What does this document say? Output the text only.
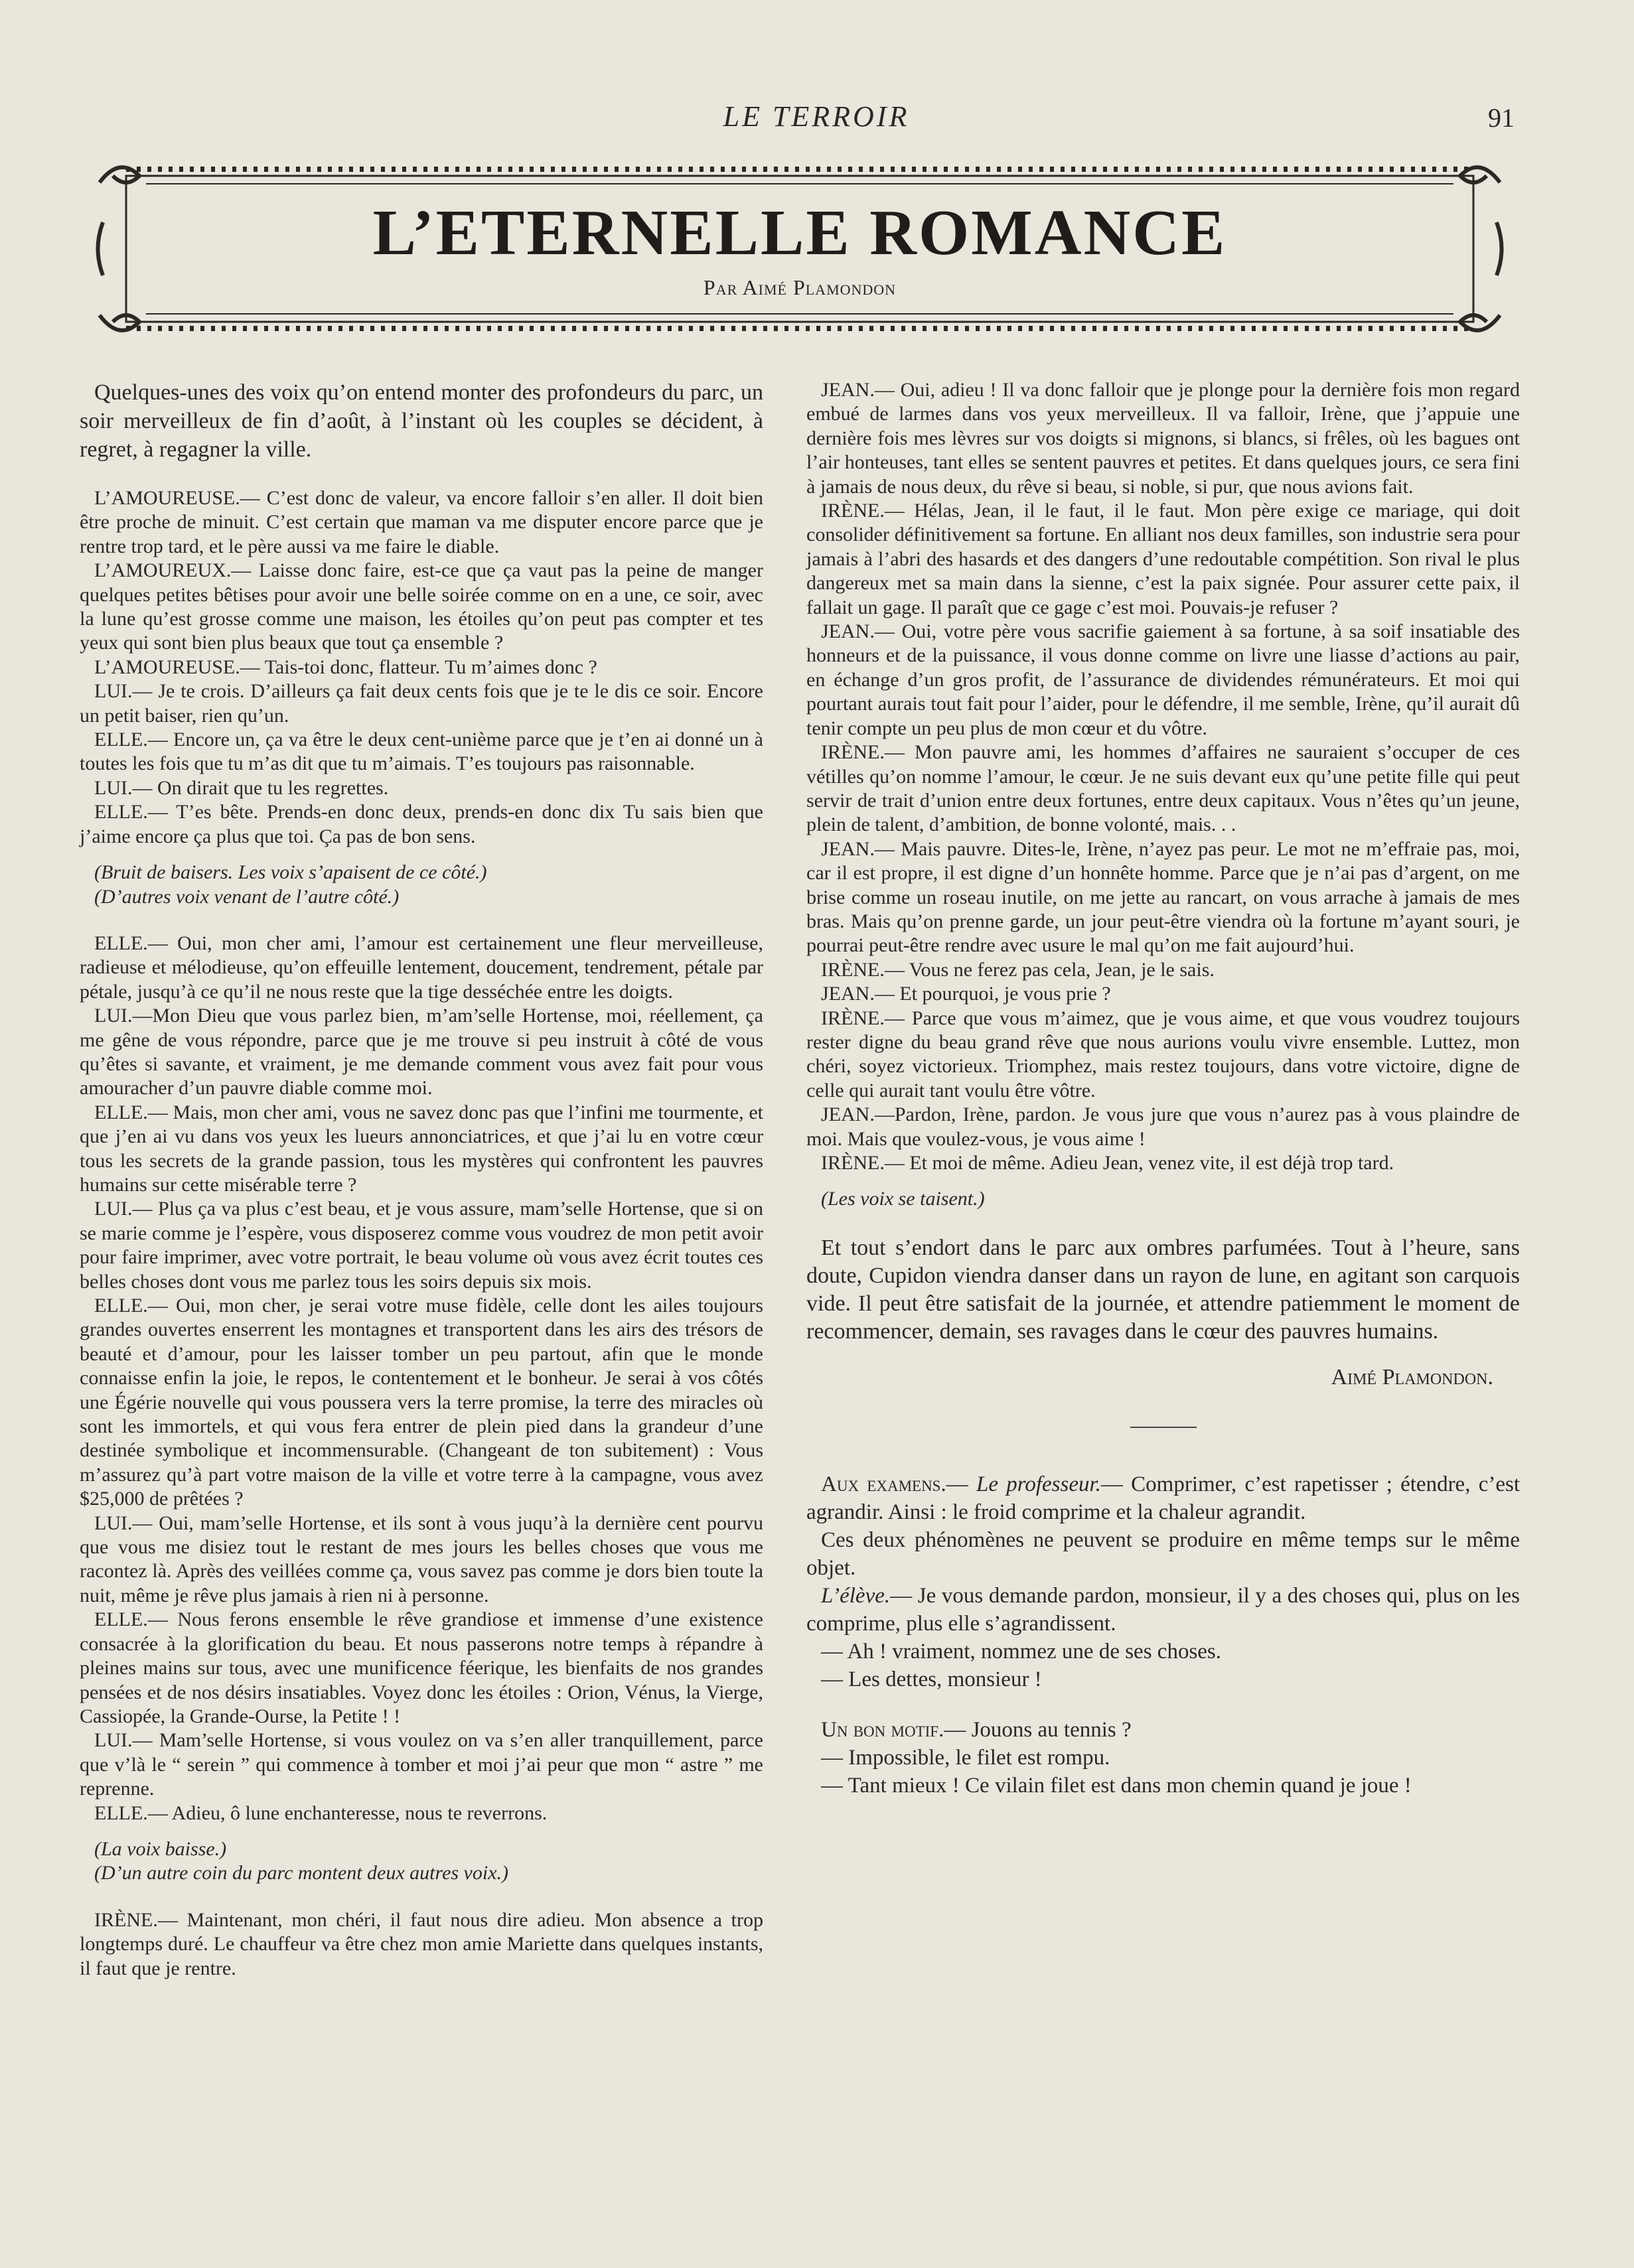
LE TERROIR	91
L’ETERNELLE ROMANCE
Par Aimé Plamondon

Quelques-unes des voix qu’on entend monter des profondeurs du parc, un soir merveilleux de fin d’août, à l’instant où les couples se décident, à regret, à regagner la ville.

L’AMOUREUSE.— C’est donc de valeur, va encore falloir s’en aller. Il doit bien être proche de minuit. C’est certain que maman va me disputer encore parce que je rentre trop tard, et le père aussi va me faire le diable.

L’AMOUREUX.— Laisse donc faire, est-ce que ça vaut pas la peine de manger quelques petites bêtises pour avoir une belle soirée comme on en a une, ce soir, avec la lune qu’est grosse comme une maison, les étoiles qu’on peut pas compter et tes yeux qui sont bien plus beaux que tout ça ensemble ?

L’AMOUREUSE.— Tais-toi donc, flatteur. Tu m’aimes donc ?

LUI.— Je te crois. D’ailleurs ça fait deux cents fois que je te le dis ce soir. Encore un petit baiser, rien qu’un.

ELLE.— Encore un, ça va être le deux cent-unième parce que je t’en ai donné un à toutes les fois que tu m’as dit que tu m’aimais. T’es toujours pas raisonnable.

LUI.— On dirait que tu les regrettes.

ELLE.— T’es bête. Prends-en donc deux, prends-en donc dix Tu sais bien que j’aime encore ça plus que toi. Ça pas de bon sens.

(Bruit de baisers. Les voix s’apaisent de ce côté.)

(D’autres voix venant de l’autre côté.)

ELLE.— Oui, mon cher ami, l’amour est certainement une fleur merveilleuse, radieuse et mélodieuse, qu’on effeuille lentement, doucement, tendrement, pétale par pétale, jusqu’à ce qu’il ne nous reste que la tige desséchée entre les doigts.

LUI.—Mon Dieu que vous parlez bien, m’am’selle Hortense, moi, réellement, ça me gêne de vous répondre, parce que je me trouve si peu instruit à côté de vous qu’êtes si savante, et vraiment, je me demande comment vous avez fait pour vous amouracher d’un pauvre diable comme moi.

ELLE.— Mais, mon cher ami, vous ne savez donc pas que l’infini me tourmente, et que j’en ai vu dans vos yeux les lueurs annonciatrices, et que j’ai lu en votre cœur tous les secrets de la grande passion, tous les mystères qui confrontent les pauvres humains sur cette misérable terre ?

LUI.— Plus ça va plus c’est beau, et je vous assure, mam’selle Hortense, que si on se marie comme je l’espère, vous disposerez comme vous voudrez de mon petit avoir pour faire imprimer, avec votre portrait, le beau volume où vous avez écrit toutes ces belles choses dont vous me parlez tous les soirs depuis six mois.

ELLE.— Oui, mon cher, je serai votre muse fidèle, celle dont les ailes toujours grandes ouvertes enserrent les montagnes et transportent dans les airs des trésors de beauté et d’amour, pour les laisser tomber un peu partout, afin que le monde connaisse enfin la joie, le repos, le contentement et le bonheur. Je serai à vos côtés une Égérie nouvelle qui vous poussera vers la terre promise, la terre des miracles où sont les immortels, et qui vous fera entrer de plein pied dans la grandeur d’une destinée symbolique et incommensurable. (Changeant de ton subitement) : Vous m’assurez qu’à part votre maison de la ville et votre terre à la campagne, vous avez $25,000 de prêtées ?

LUI.— Oui, mam’selle Hortense, et ils sont à vous juqu’à la dernière cent pourvu que vous me disiez tout le restant de mes jours les belles choses que vous me racontez là. Après des veillées comme ça, vous savez pas comme je dors bien toute la nuit, même je rêve plus jamais à rien ni à personne.

ELLE.— Nous ferons ensemble le rêve grandiose et immense d’une existence consacrée à la glorification du beau. Et nous passerons notre temps à répandre à pleines mains sur tous, avec une munificence féerique, les bienfaits de nos grandes pensées et de nos désirs insatiables. Voyez donc les étoiles : Orion, Vénus, la Vierge, Cassiopée, la Grande-Ourse, la Petite ! !

LUI.— Mam’selle Hortense, si vous voulez on va s’en aller tranquillement, parce que v’là le “ serein ” qui commence à tomber et moi j’ai peur que mon “ astre ” me reprenne.

ELLE.— Adieu, ô lune enchanteresse, nous te reverrons.

(La voix baisse.)

(D’un autre coin du parc montent deux autres voix.)

IRÈNE.— Maintenant, mon chéri, il faut nous dire adieu. Mon absence a trop longtemps duré. Le chauffeur va être chez mon amie Mariette dans quelques instants, il faut que je rentre.

JEAN.— Oui, adieu ! Il va donc falloir que je plonge pour la dernière fois mon regard embué de larmes dans vos yeux merveilleux. Il va falloir, Irène, que j’appuie une dernière fois mes lèvres sur vos doigts si mignons, si blancs, si frêles, où les bagues ont l’air honteuses, tant elles se sentent pauvres et petites. Et dans quelques jours, ce sera fini à jamais de nous deux, du rêve si beau, si noble, si pur, que nous avions fait.

IRÈNE.— Hélas, Jean, il le faut, il le faut. Mon père exige ce mariage, qui doit consolider définitivement sa fortune. En alliant nos deux familles, son industrie sera pour jamais à l’abri des hasards et des dangers d’une redoutable compétition. Son rival le plus dangereux met sa main dans la sienne, c’est la paix signée. Pour assurer cette paix, il fallait un gage. Il paraît que ce gage c’est moi. Pouvais-je refuser ?

JEAN.— Oui, votre père vous sacrifie gaiement à sa fortune, à sa soif insatiable des honneurs et de la puissance, il vous donne comme on livre une liasse d’actions au pair, en échange d’un gros profit, de l’assurance de dividendes rémunérateurs. Et moi qui pourtant aurais tout fait pour l’aider, pour le défendre, il me semble, Irène, qu’il aurait dû tenir compte un peu plus de mon cœur et du vôtre.

IRÈNE.— Mon pauvre ami, les hommes d’affaires ne sauraient s’occuper de ces vétilles qu’on nomme l’amour, le cœur. Je ne suis devant eux qu’une petite fille qui peut servir de trait d’union entre deux fortunes, entre deux capitaux. Vous n’êtes qu’un jeune, plein de talent, d’ambition, de bonne volonté, mais. . .

JEAN.— Mais pauvre. Dites-le, Irène, n’ayez pas peur. Le mot ne m’effraie pas, moi, car il est propre, il est digne d’un honnête homme. Parce que je n’ai pas d’argent, on me brise comme un roseau inutile, on me jette au rancart, on vous arrache à jamais de mes bras. Mais qu’on prenne garde, un jour peut-être viendra où la fortune m’ayant souri, je pourrai peut-être rendre avec usure le mal qu’on me fait aujourd’hui.

IRÈNE.— Vous ne ferez pas cela, Jean, je le sais.

JEAN.— Et pourquoi, je vous prie ?

IRÈNE.— Parce que vous m’aimez, que je vous aime, et que vous voudrez toujours rester digne du beau grand rêve que nous aurions voulu vivre ensemble. Luttez, mon chéri, soyez victorieux. Triomphez, mais restez toujours, dans votre victoire, digne de celle qui aurait tant voulu être vôtre.

JEAN.—Pardon, Irène, pardon. Je vous jure que vous n’aurez pas à vous plaindre de moi. Mais que voulez-vous, je vous aime !

IRÈNE.— Et moi de même. Adieu Jean, venez vite, il est déjà trop tard.

(Les voix se taisent.)

Et tout s’endort dans le parc aux ombres parfumées. Tout à l’heure, sans doute, Cupidon viendra danser dans un rayon de lune, en agitant son carquois vide. Il peut être satisfait de la journée, et attendre patiemment le moment de recommencer, demain, ses ravages dans le cœur des pauvres humains.

Aimé Plamondon.

Aux examens.— Le professeur.— Comprimer, c’est rapetisser ; étendre, c’est agrandir. Ainsi : le froid comprime et la chaleur agrandit.

Ces deux phénomènes ne peuvent se produire en même temps sur le même objet.

L’élève.— Je vous demande pardon, monsieur, il y a des choses qui, plus on les comprime, plus elle s’agrandissent.

— Ah ! vraiment, nommez une de ses choses.

— Les dettes, monsieur !

Un bon motif.— Jouons au tennis ?

— Impossible, le filet est rompu.

— Tant mieux ! Ce vilain filet est dans mon chemin quand je joue !
